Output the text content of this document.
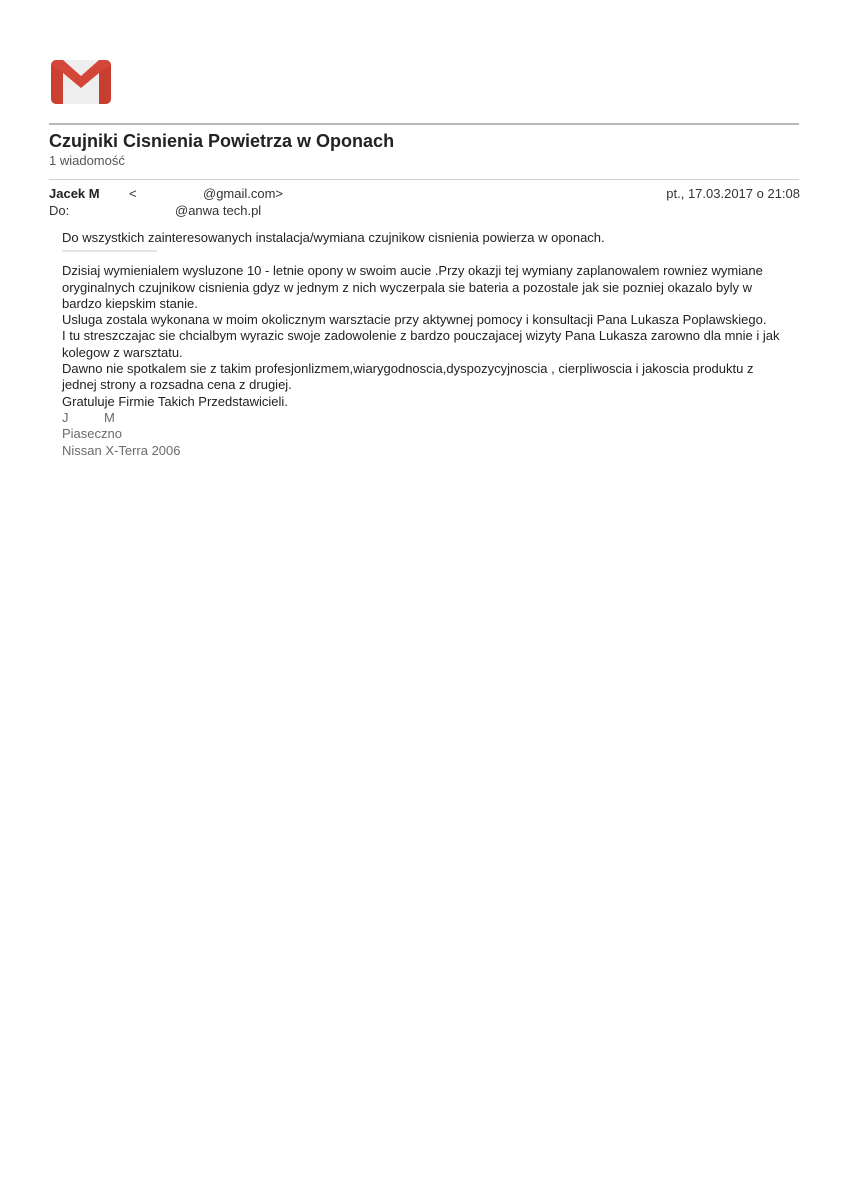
Czujniki Cisnienia Powietrza w Oponach
1 wiadomość
Jacek M <	@gmail.com>	pt., 17.03.2017 o 21:08
Do:	@anwa tech.pl

Do wszystkich zainteresowanych instalacja/wymiana czujnikow cisnienia powierza w oponach.

Dzisiaj wymienialem wysluzone 10 - letnie opony w swoim aucie .Przy okazji tej wymiany zaplanowalem rowniez wymiane oryginalnych czujnikow cisnienia gdyz w jednym z nich wyczerpala sie bateria a pozostale jak sie pozniej okazalo byly w bardzo kiepskim stanie.

Usluga zostala wykonana w moim okolicznym warsztacie przy aktywnej pomocy i konsultacji Pana Lukasza Poplawskiego.

I tu streszczajac sie chcialbym wyrazic swoje zadowolenie z bardzo pouczajacej wizyty Pana Lukasza zarowno dla mnie i jak kolegow z warsztatu.

Dawno nie spotkalem sie z takim profesjonlizmem,wiarygodnoscia,dyspozycyjnoscia , cierpliwoscia i jakoscia produktu z jednej strony a rozsadna cena z drugiej.

Gratuluje Firmie Takich Przedstawicieli.

J	M

Piaseczno

Nissan X-Terra 2006
